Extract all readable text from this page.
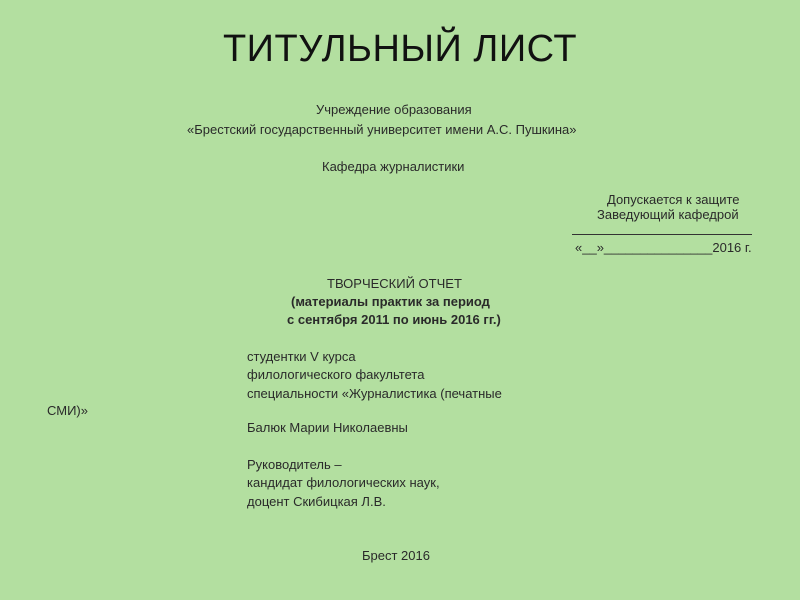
ТИТУЛЬНЫЙ ЛИСТ
Учреждение образования
«Брестский государственный университет имени А.С. Пушкина»
Кафедра журналистики
Допускается к защите
Заведующий кафедрой
«__»_______________2016 г.
ТВОРЧЕСКИЙ ОТЧЕТ
(материалы практик за период
с сентября 2011 по июнь 2016 гг.)
студентки V курса
филологического факультета
специальности «Журналистика (печатные
СМИ)»
Балюк Марии Николаевны
Руководитель –
кандидат филологических наук,
доцент Скибицкая Л.В.
Брест 2016
